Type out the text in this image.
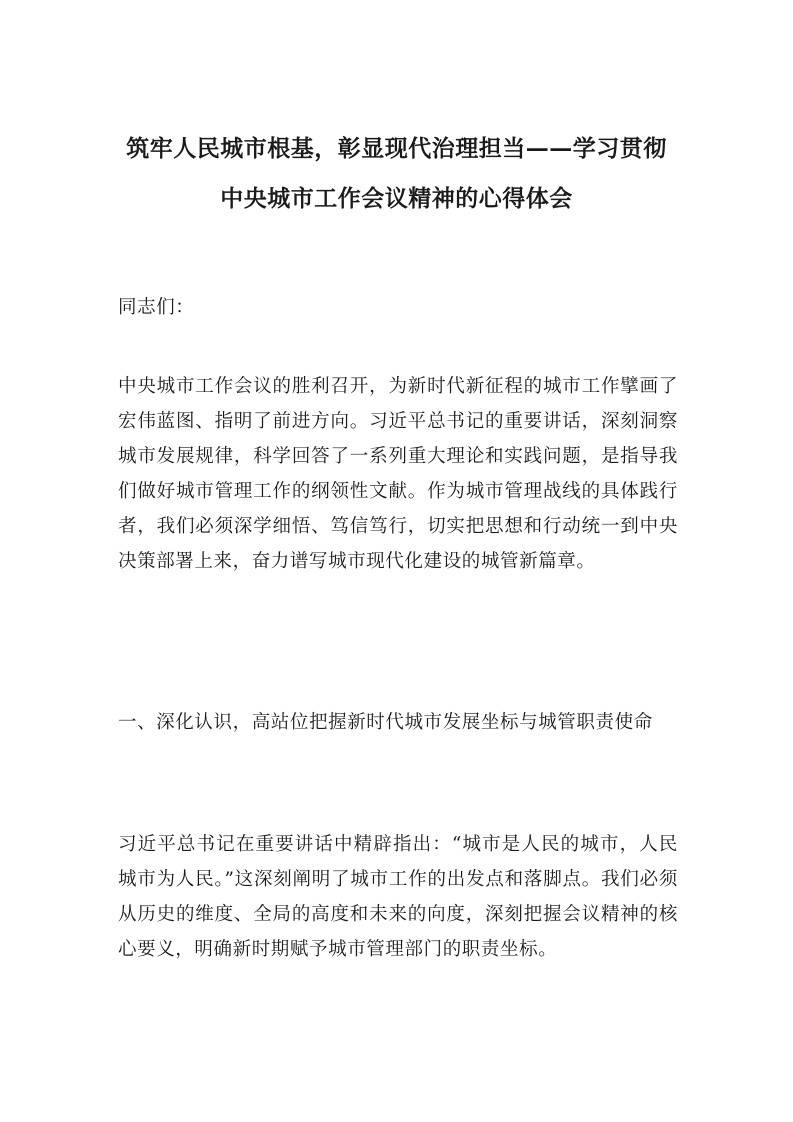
筑牢人民城市根基，彰显现代治理担当——学习贯彻
中央城市工作会议精神的心得体会

同志们：

中央城市工作会议的胜利召开，为新时代新征程的城市工作擘画了宏伟蓝图、指明了前进方向。习近平总书记的重要讲话，深刻洞察城市发展规律，科学回答了一系列重大理论和实践问题，是指导我们做好城市管理工作的纲领性文献。作为城市管理战线的具体践行者，我们必须深学细悟、笃信笃行，切实把思想和行动统一到中央决策部署上来，奋力谱写城市现代化建设的城管新篇章。

一、深化认识，高站位把握新时代城市发展坐标与城管职责使命

习近平总书记在重要讲话中精辟指出：“城市是人民的城市，人民城市为人民。”这深刻阐明了城市工作的出发点和落脚点。我们必须从历史的维度、全局的高度和未来的向度，深刻把握会议精神的核心要义，明确新时期赋予城市管理部门的职责坐标。
